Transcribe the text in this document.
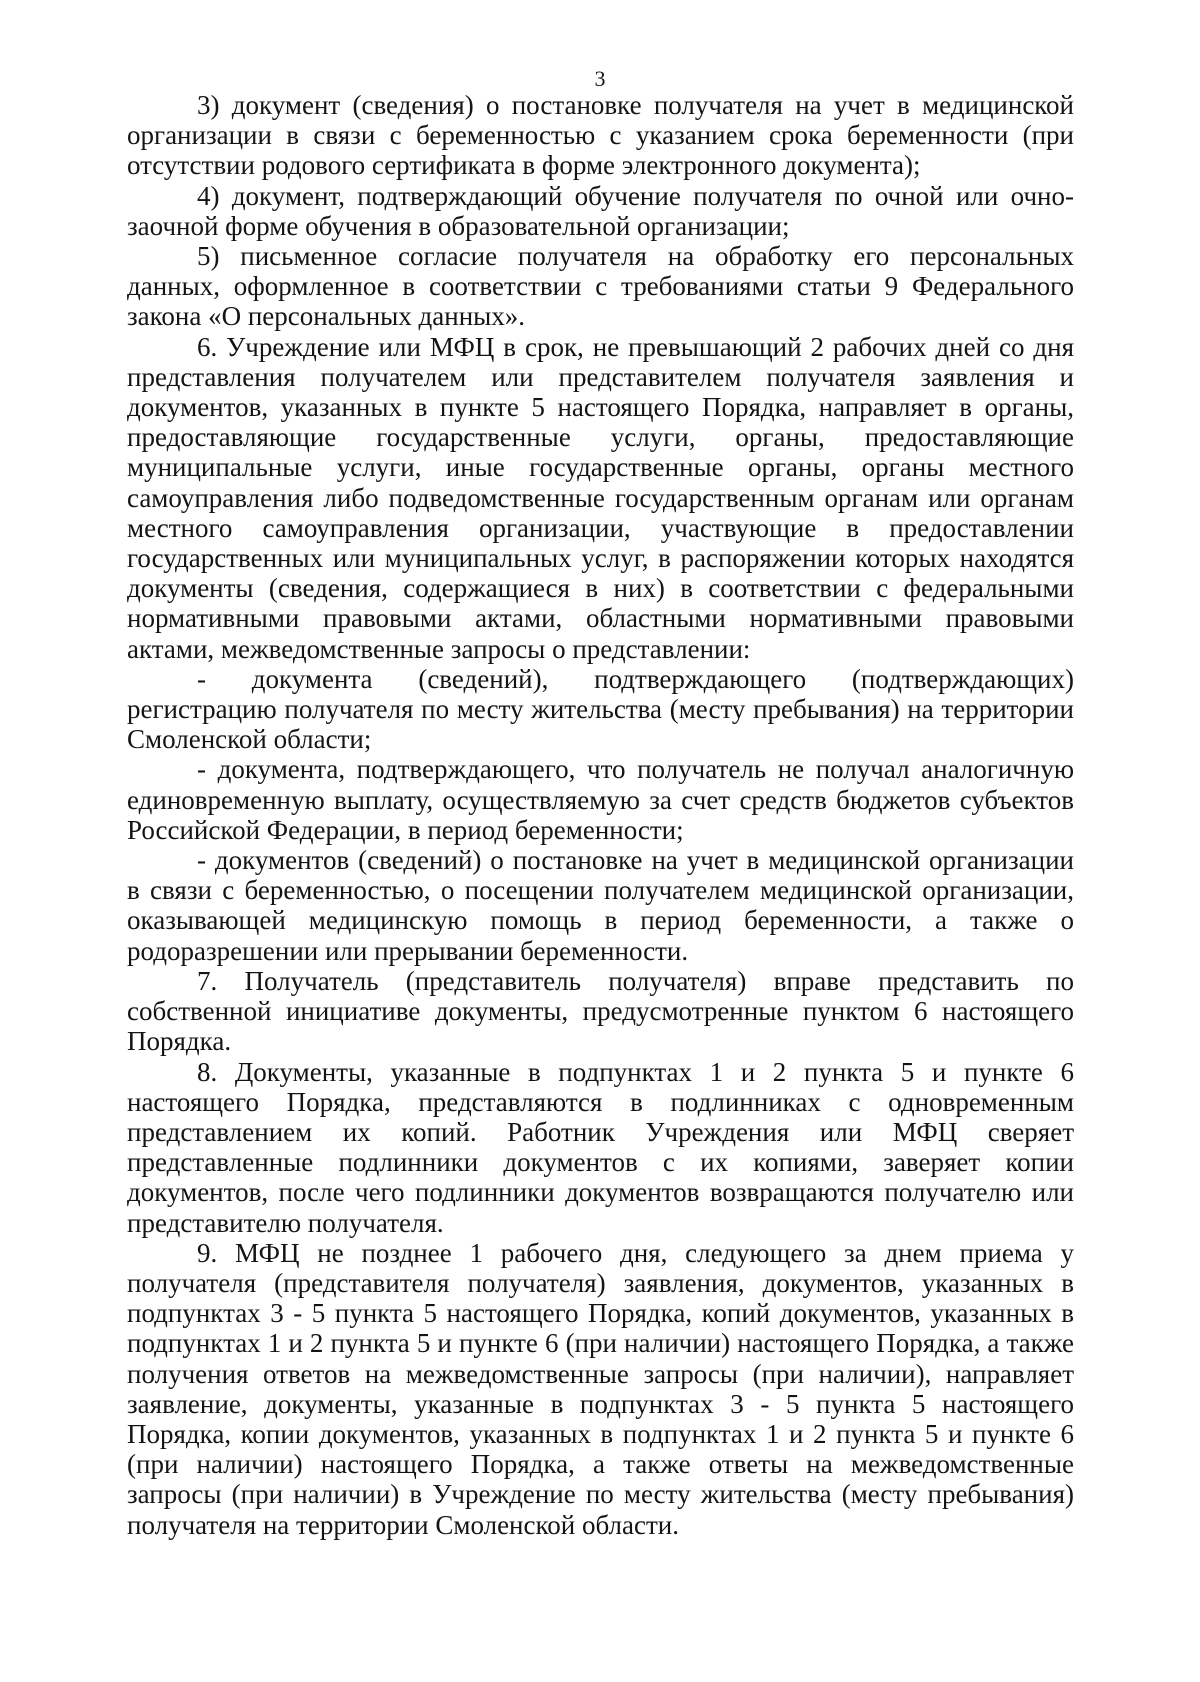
3

3) документ (сведения) о постановке получателя на учет в медицинской организации в связи с беременностью с указанием срока беременности (при отсутствии родового сертификата в форме электронного документа);

4) документ, подтверждающий обучение получателя по очной или очно-заочной форме обучения в образовательной организации;

5) письменное согласие получателя на обработку его персональных данных, оформленное в соответствии с требованиями статьи 9 Федерального закона «О персональных данных».

6. Учреждение или МФЦ в срок, не превышающий 2 рабочих дней со дня представления получателем или представителем получателя заявления и документов, указанных в пункте 5 настоящего Порядка, направляет в органы, предоставляющие государственные услуги, органы, предоставляющие муниципальные услуги, иные государственные органы, органы местного самоуправления либо подведомственные государственным органам или органам местного самоуправления организации, участвующие в предоставлении государственных или муниципальных услуг, в распоряжении которых находятся документы (сведения, содержащиеся в них) в соответствии с федеральными нормативными правовыми актами, областными нормативными правовыми актами, межведомственные запросы о представлении:

- документа (сведений), подтверждающего (подтверждающих) регистрацию получателя по месту жительства (месту пребывания) на территории Смоленской области;

- документа, подтверждающего, что получатель не получал аналогичную единовременную выплату, осуществляемую за счет средств бюджетов субъектов Российской Федерации, в период беременности;

- документов (сведений) о постановке на учет в медицинской организации в связи с беременностью, о посещении получателем медицинской организации, оказывающей медицинскую помощь в период беременности, а также о родоразрешении или прерывании беременности.

7. Получатель (представитель получателя) вправе представить по собственной инициативе документы, предусмотренные пунктом 6 настоящего Порядка.

8. Документы, указанные в подпунктах 1 и 2 пункта 5 и пункте 6 настоящего Порядка, представляются в подлинниках с одновременным представлением их копий. Работник Учреждения или МФЦ сверяет представленные подлинники документов с их копиями, заверяет копии документов, после чего подлинники документов возвращаются получателю или представителю получателя.

9. МФЦ не позднее 1 рабочего дня, следующего за днем приема у получателя (представителя получателя) заявления, документов, указанных в подпунктах 3 - 5 пункта 5 настоящего Порядка, копий документов, указанных в подпунктах 1 и 2 пункта 5 и пункте 6 (при наличии) настоящего Порядка, а также получения ответов на межведомственные запросы (при наличии), направляет заявление, документы, указанные в подпунктах 3 - 5 пункта 5 настоящего Порядка, копии документов, указанных в подпунктах 1 и 2 пункта 5 и пункте 6 (при наличии) настоящего Порядка, а также ответы на межведомственные запросы (при наличии) в Учреждение по месту жительства (месту пребывания) получателя на территории Смоленской области.
